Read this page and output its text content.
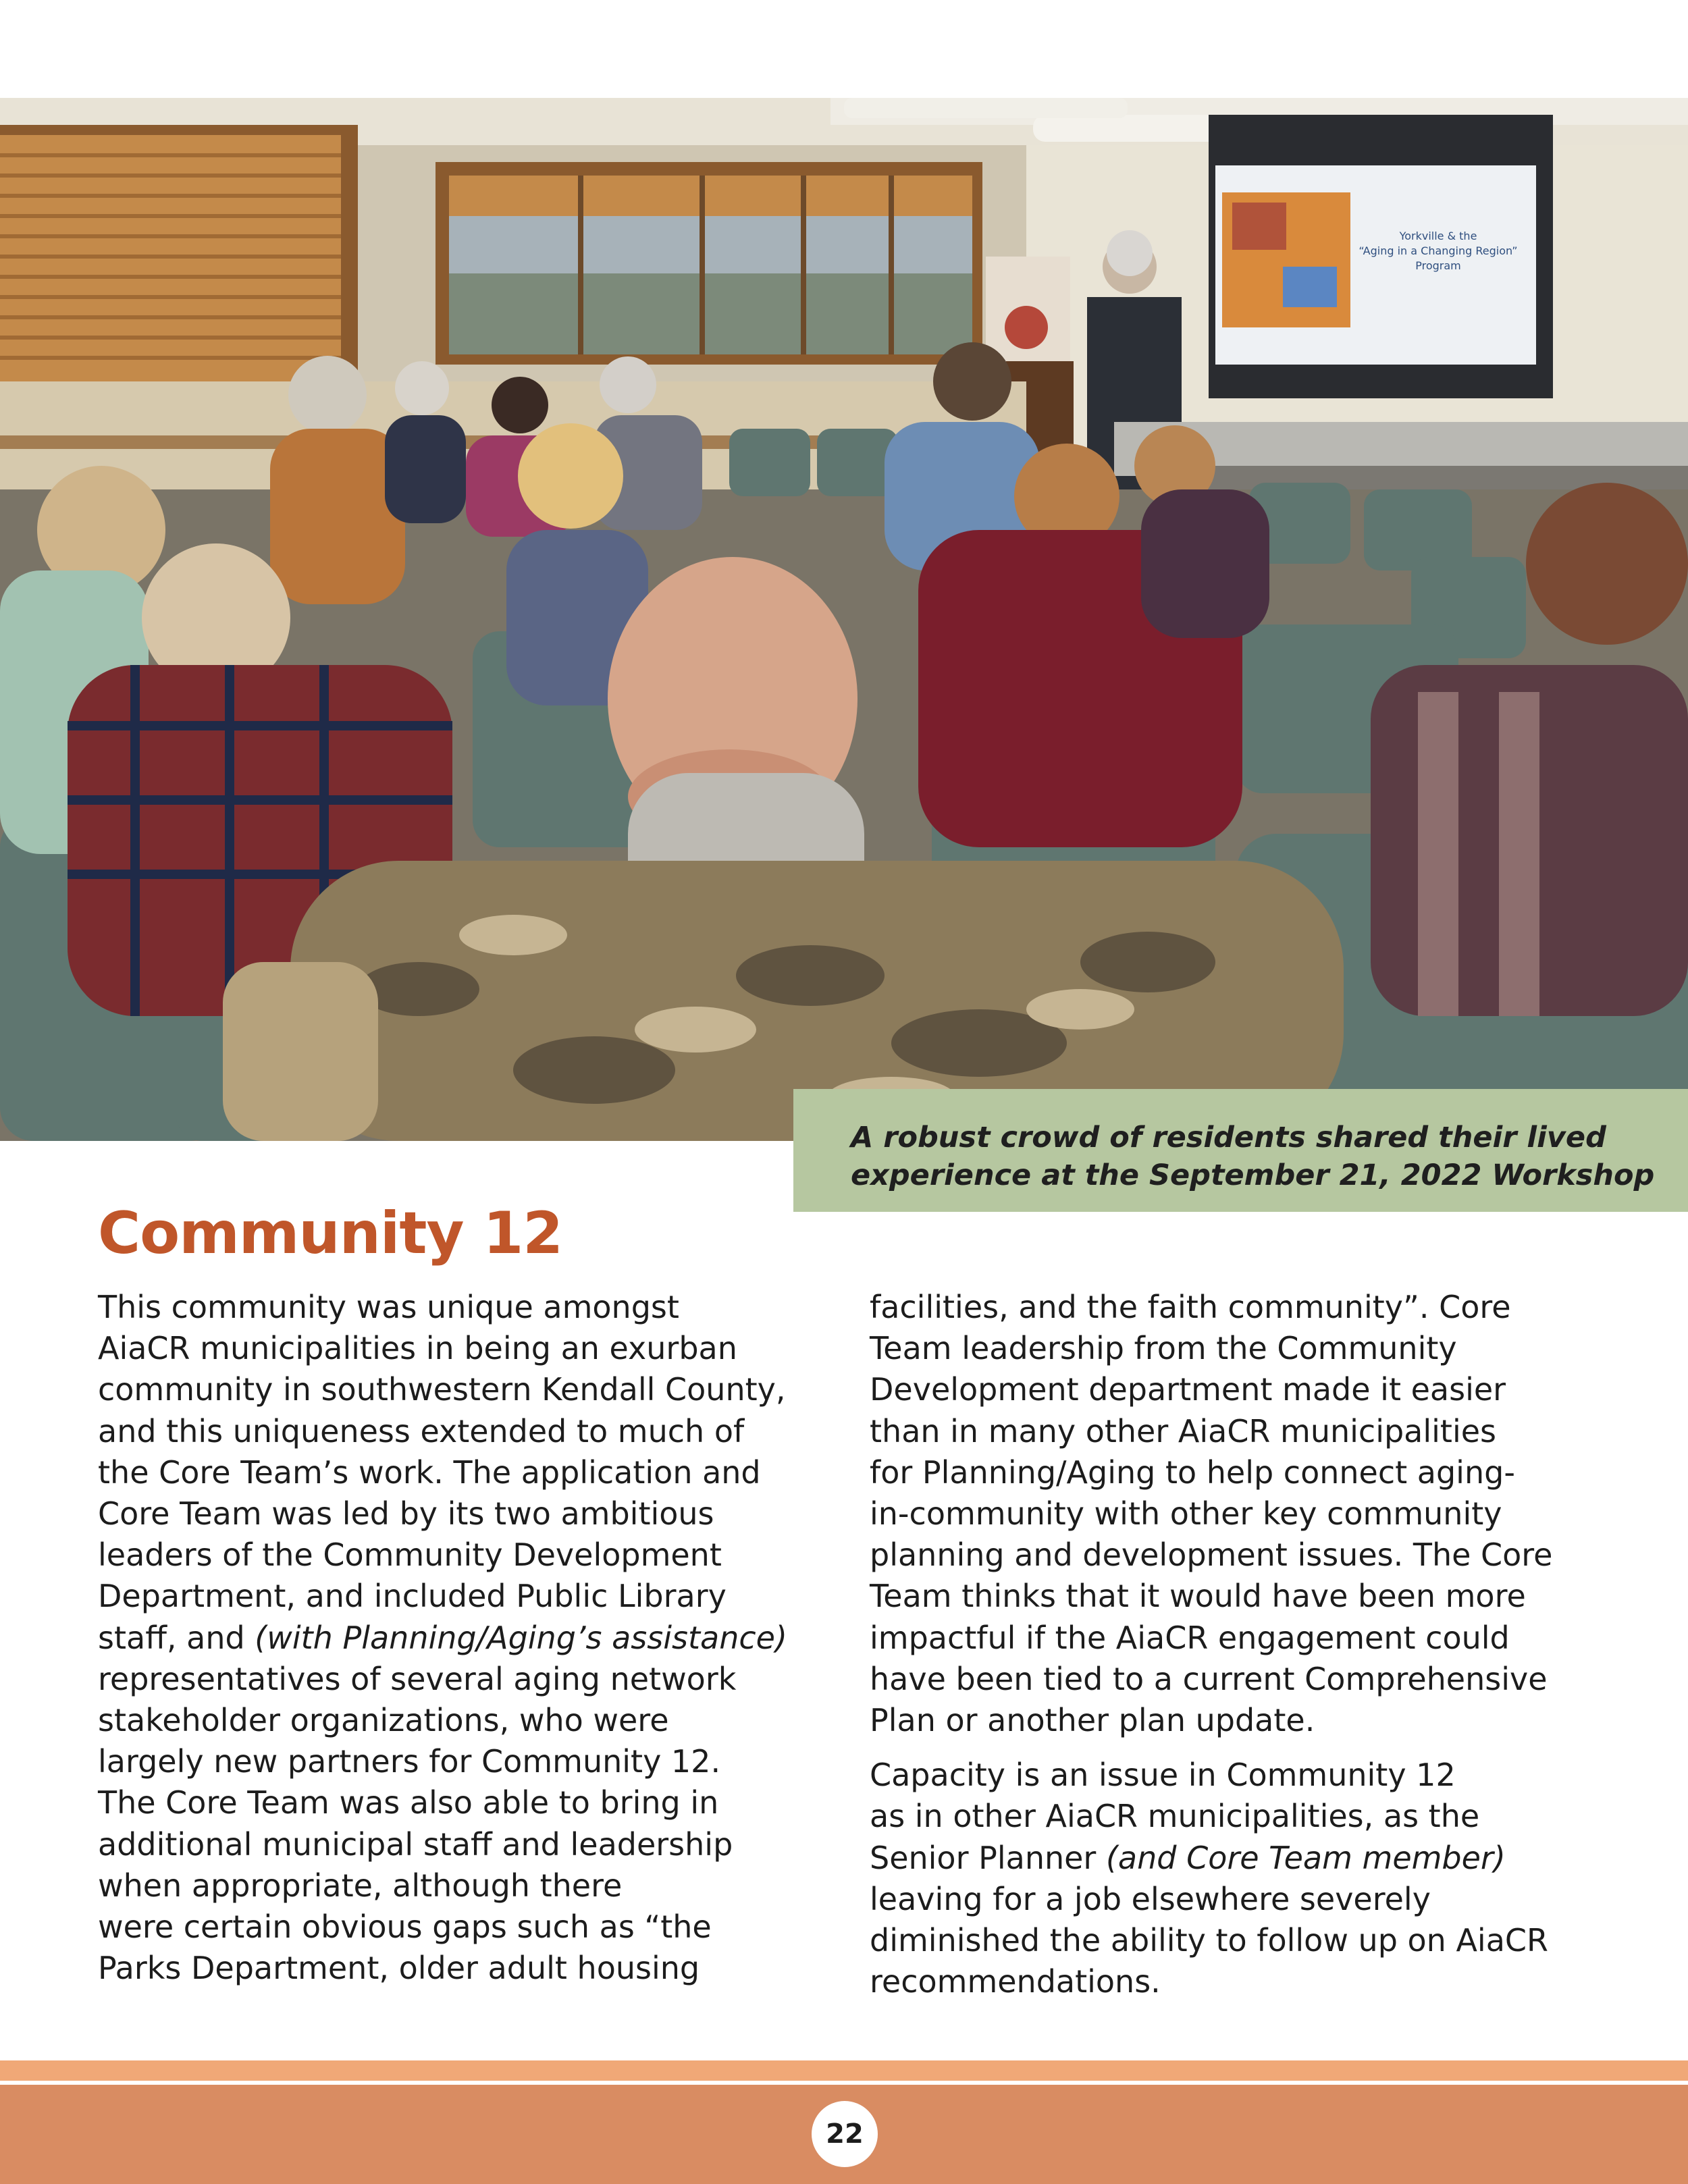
Yorkville & the
“Aging in a Changing Region”
Program
A robust crowd of residents shared their lived
experience at the September 21, 2022 Workshop
Community 12
This community was unique amongst
AiaCR municipalities in being an exurban
community in southwestern Kendall County,
and this uniqueness extended to much of
the Core Team’s work. The application and
Core Team was led by its two ambitious
leaders of the Community Development
Department, and included Public Library
staff, and (with Planning/Aging’s assistance)
representatives of several aging network
stakeholder organizations, who were
largely new partners for Community 12.
The Core Team was also able to bring in
additional municipal staff and leadership
when appropriate, although there
were certain obvious gaps such as “the
Parks Department, older adult housing
facilities, and the faith community”. Core
Team leadership from the Community
Development department made it easier
than in many other AiaCR municipalities
for Planning/Aging to help connect aging-
in-community with other key community
planning and development issues. The Core
Team thinks that it would have been more
impactful if the AiaCR engagement could
have been tied to a current Comprehensive
Plan or another plan update.
Capacity is an issue in Community 12
as in other AiaCR municipalities, as the
Senior Planner (and Core Team member)
leaving for a job elsewhere severely
diminished the ability to follow up on AiaCR
recommendations.
22
